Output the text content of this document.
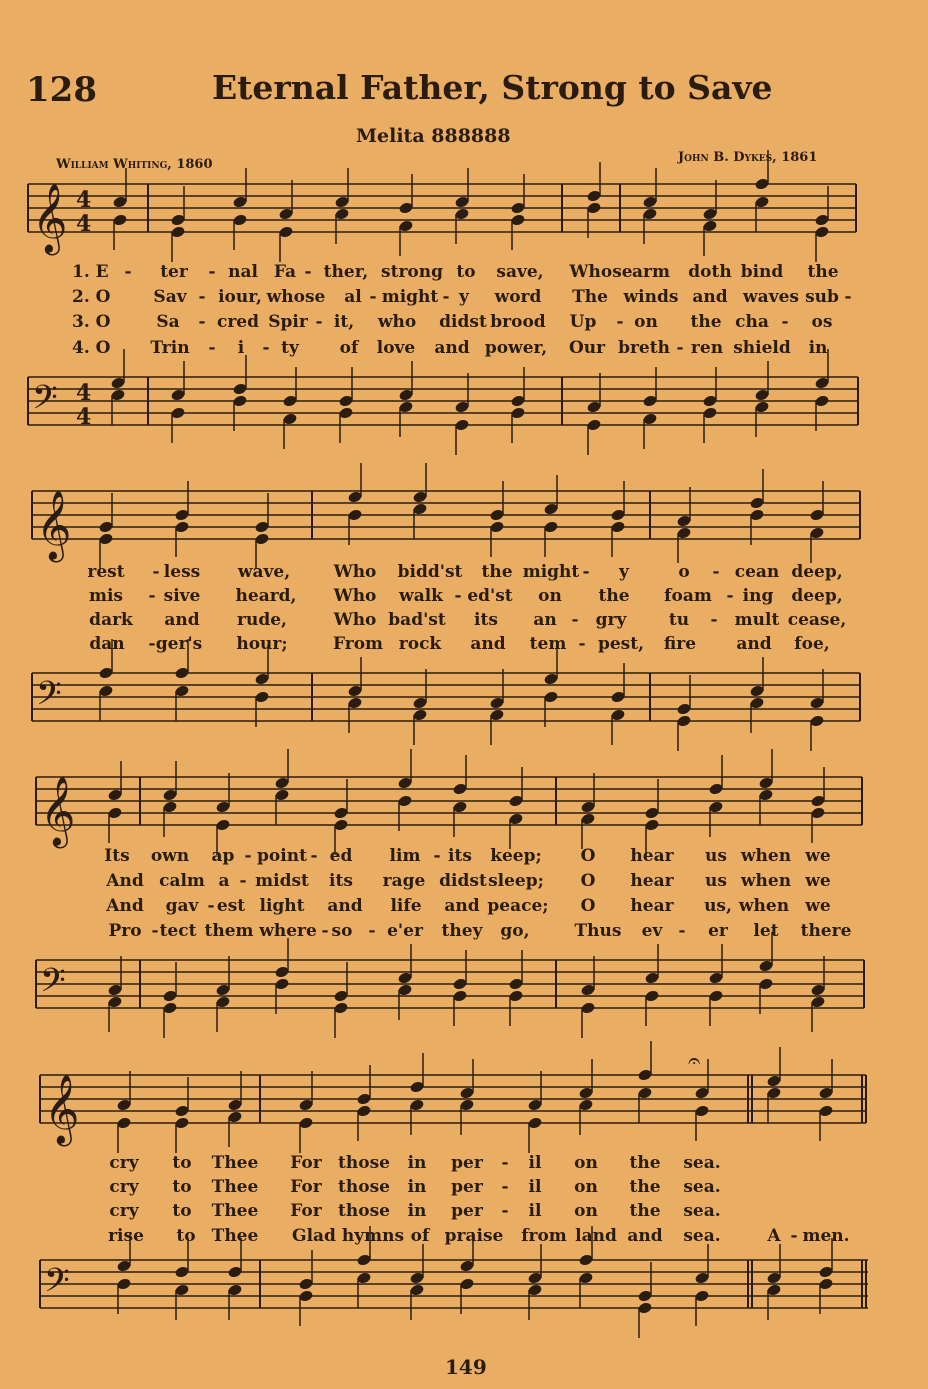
128	Eternal Father, Strong to Save
Melita 888888
William Whiting, 1860	John B. Dykes, 1861
𝄞 4
4
𝄢 4
4
𝄞
𝄢
𝄞
𝄢
𝄞
𝄢
𝄐
1. E - ter - nal Fa - ther, strong to save, Whose arm doth bind the
2. O	Sav - iour, whose al - might - y word The winds and waves sub -
3. O	Sa - cred Spir - it, who didst brood Up - on the cha - os
4. O Trin - i - ty of love and power, Our breth - ren shield in
rest - less wave,	Who bidd'st the might - y	o - cean deep,
mis - sive heard, Who walk - ed'st on the foam - ing deep,
dark and rude,	Who bad'st its an - gry	tu - mult cease,
dan - ger's hour;	From rock and tem - pest, fire and foe,
Its own ap - point - ed lim - its keep; O hear us when we
And calm a - midst its rage didst sleep; O hear us when we
And gav - est light and life and peace; O hear us, when we
Pro - tect them where - so - e'er they go,	Thus ev - er let there
cry to Thee For those in per - il on the sea.
cry to Thee For those in per - il on the sea.
cry to Thee For those in per - il on the sea.
rise to Thee Glad hymns of praise from land and sea.	A - men.
149
